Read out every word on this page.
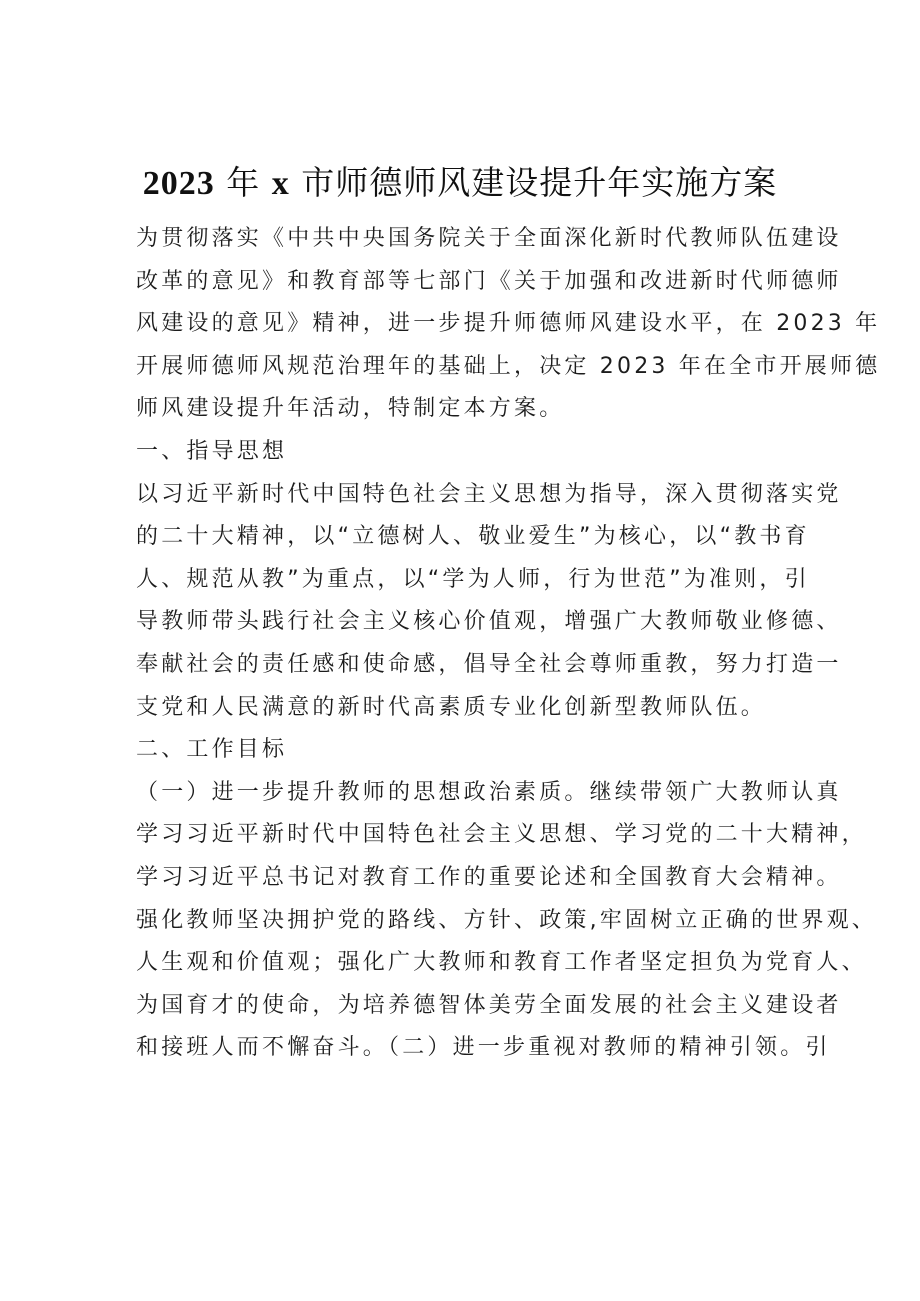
2023 年 x 市师德师风建设提升年实施方案
为贯彻落实《中共中央国务院关于全面深化新时代教师队伍建设
改革的意见》和教育部等七部门《关于加强和改进新时代师德师
风建设的意见》精神，进一步提升师德师风建设水平，在 2023 年
开展师德师风规范治理年的基础上，决定 2023 年在全市开展师德
师风建设提升年活动，特制定本方案。
一、指导思想
以习近平新时代中国特色社会主义思想为指导，深入贯彻落实党
的二十大精神，以“立德树人、敬业爱生”为核心，以“教书育
人、规范从教”为重点，以“学为人师，行为世范”为准则，引
导教师带头践行社会主义核心价值观，增强广大教师敬业修德、
奉献社会的责任感和使命感，倡导全社会尊师重教，努力打造一
支党和人民满意的新时代高素质专业化创新型教师队伍。
二、工作目标
（一）进一步提升教师的思想政治素质。继续带领广大教师认真
学习习近平新时代中国特色社会主义思想、学习党的二十大精神，
学习习近平总书记对教育工作的重要论述和全国教育大会精神。
强化教师坚决拥护党的路线、方针、政策,牢固树立正确的世界观、
人生观和价值观；强化广大教师和教育工作者坚定担负为党育人、
为国育才的使命，为培养德智体美劳全面发展的社会主义建设者
和接班人而不懈奋斗。（二）进一步重视对教师的精神引领。引
